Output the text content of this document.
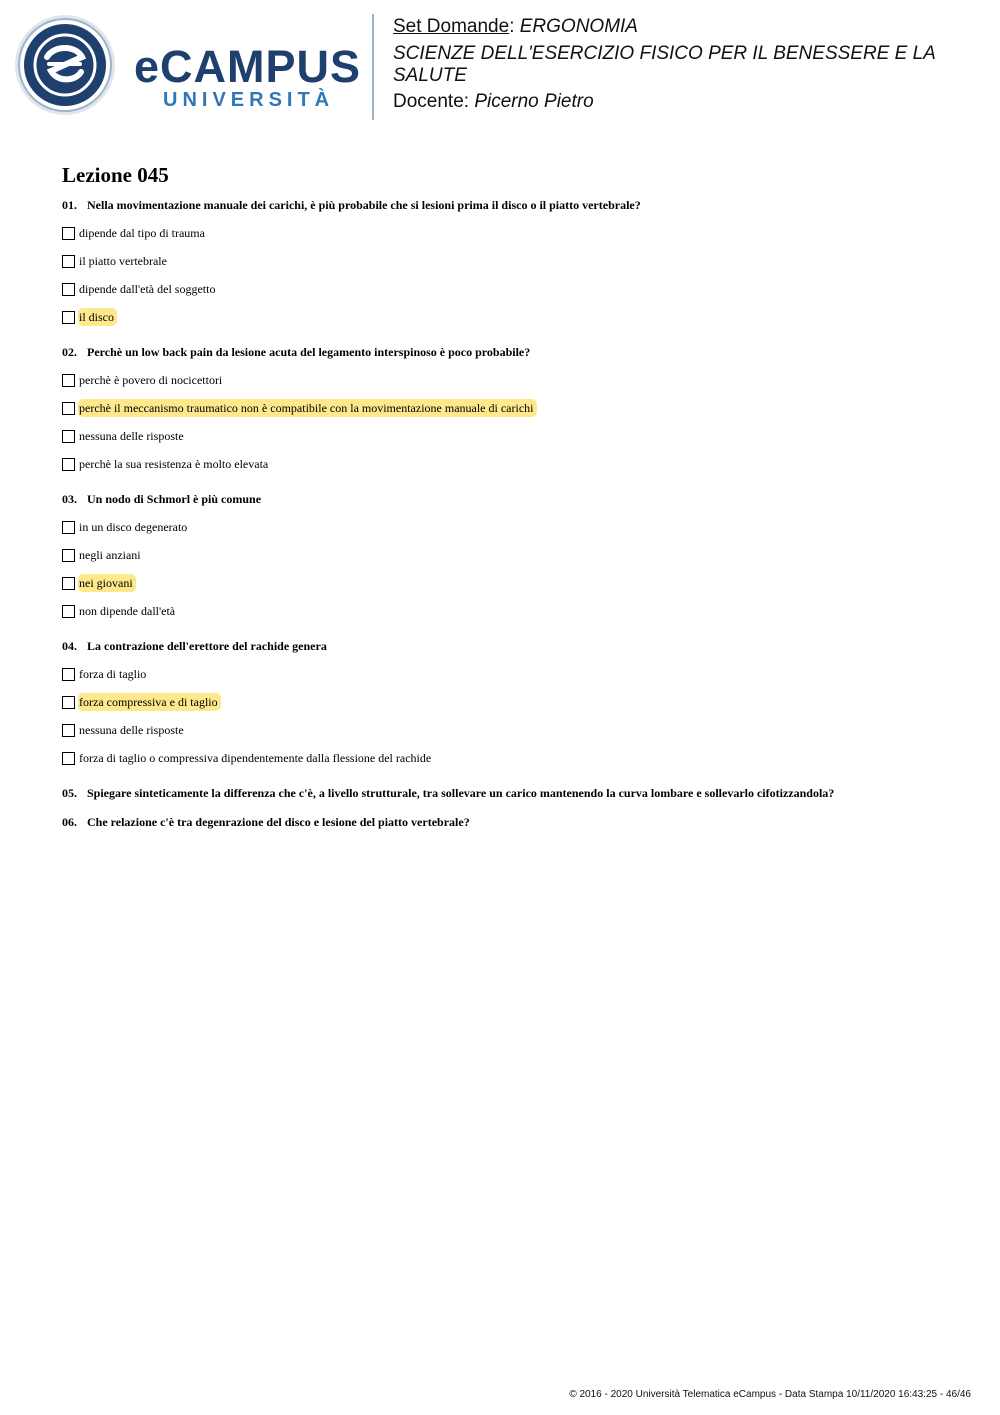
eCAMPUS
UNIVERSITÀ
Set Domande: ERGONOMIA
SCIENZE DELL'ESERCIZIO FISICO PER IL BENESSERE E LA SALUTE
Docente: Picerno Pietro
Lezione 045
01. Nella movimentazione manuale dei carichi, è più probabile che si lesioni prima il disco o il piatto vertebrale?
dipende dal tipo di trauma
il piatto vertebrale
dipende dall'età del soggetto
il disco
02. Perchè un low back pain da lesione acuta del legamento interspinoso è poco probabile?
perchè è povero di nocicettori
perchè il meccanismo traumatico non è compatibile con la movimentazione manuale di carichi
nessuna delle risposte
perchè la sua resistenza è molto elevata
03. Un nodo di Schmorl è più comune
in un disco degenerato
negli anziani
nei giovani
non dipende dall'età
04. La contrazione dell'erettore del rachide genera
forza di taglio
forza compressiva e di taglio
nessuna delle risposte
forza di taglio o compressiva dipendentemente dalla flessione del rachide
05. Spiegare sinteticamente la differenza che c'è, a livello strutturale, tra sollevare un carico mantenendo la curva lombare e sollevarlo cifotizzandola?
06. Che relazione c'è tra degenrazione del disco e lesione del piatto vertebrale?
© 2016 - 2020 Università Telematica eCampus - Data Stampa 10/11/2020 16:43:25 - 46/46
